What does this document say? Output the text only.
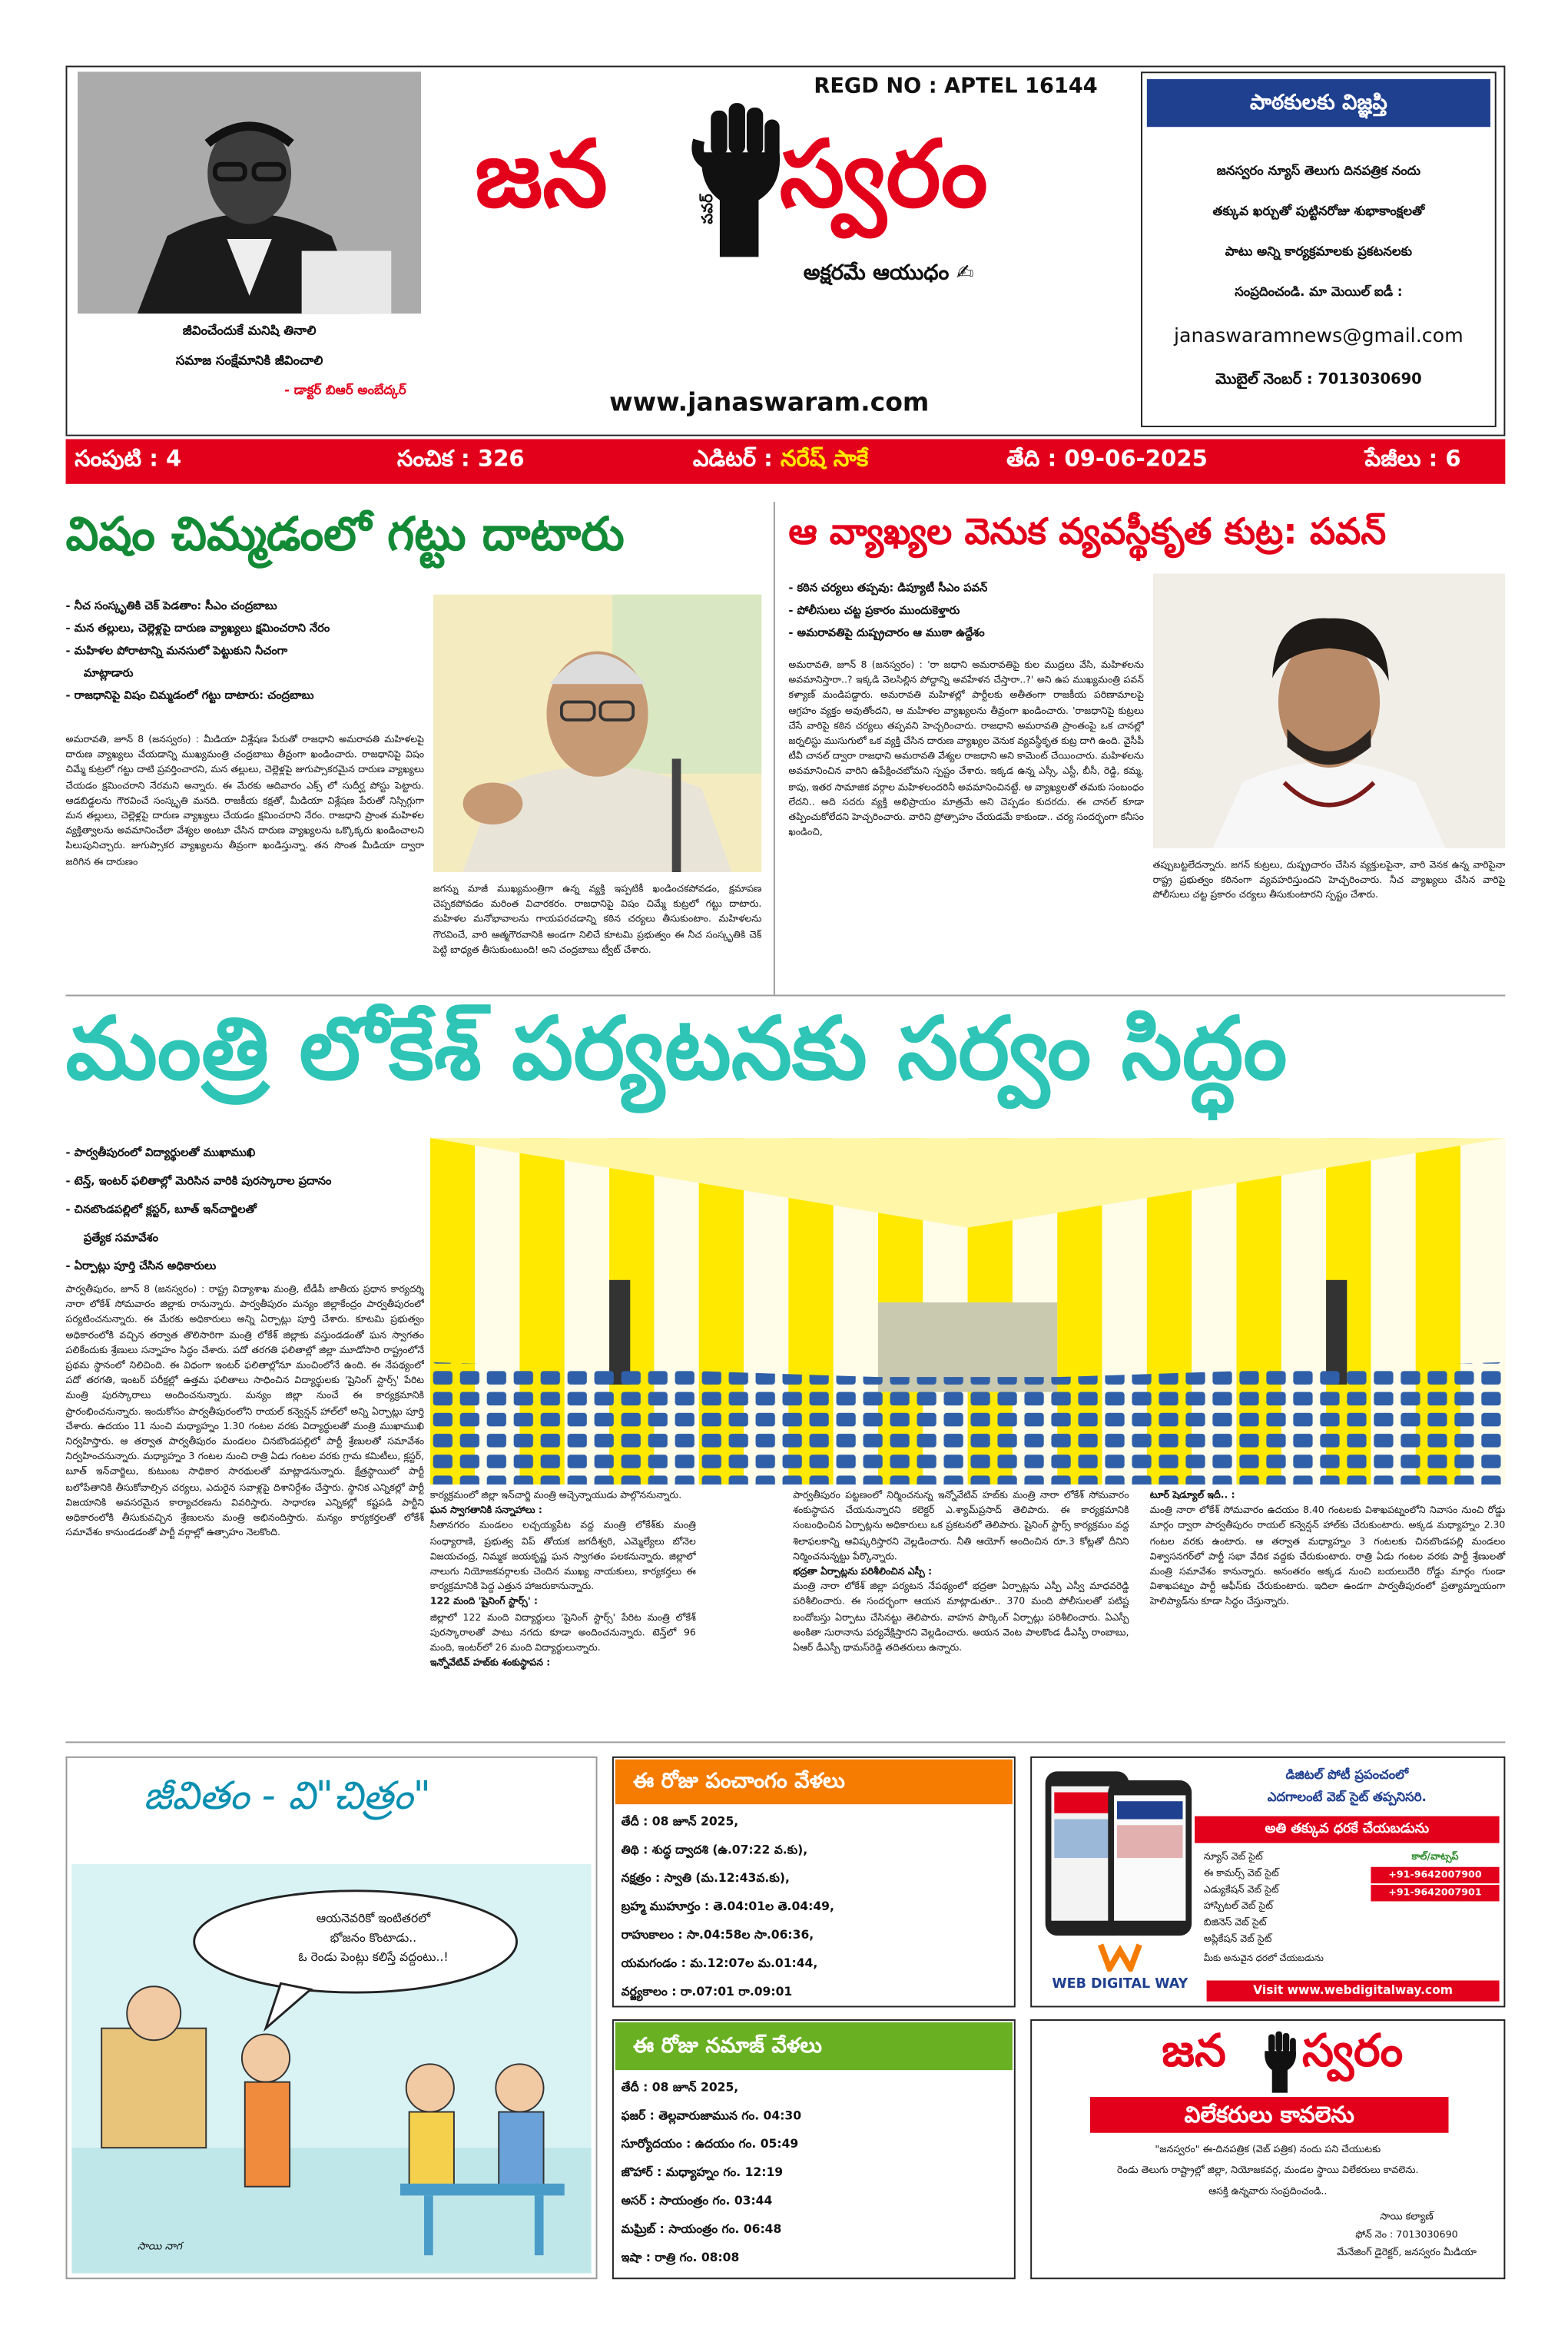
జీవించేందుకే మనిషి తినాలి
సమాజ సంక్షేమానికి జీవించాలి
- డాక్టర్ బిఆర్ అంబేద్కర్
REGD NO : APTEL 16144
జన	పవర్ స్వరం
అక్షరమే ఆయుధం ✍
www.janaswaram.com
పాఠకులకు విజ్ఞప్తి
జనస్వరం న్యూస్ తెలుగు దినపత్రిక నందు
తక్కువ ఖర్చుతో పుట్టినరోజు శుభాకాంక్షలతో
పాటు అన్ని కార్యక్రమాలకు ప్రకటనలకు
సంప్రదించండి. మా మెయిల్ ఐడీ :
janaswaramnews@gmail.com
మొబైల్ నెంబర్ : 7013030690
సంపుటి : 4	సంచిక : 326	ఎడిటర్ : నరేష్ సాకే	తేది : 09-06-2025	పేజీలు : 6
విషం చిమ్మడంలో గట్టు దాటారు
- నీచ సంస్కృతికి చెక్ పెడతాం: సీఎం చంద్రబాబు
- మన తల్లులు, చెల్లెళ్లపై దారుణ వ్యాఖ్యలు క్షమించరాని నేరం
- మహిళల పోరాటాన్ని మనసులో పెట్టుకుని నీచంగా
మాట్లాడారు
- రాజధానిపై విషం చిమ్మడంలో గట్టు దాటారు: చంద్రబాబు
అమరావతి, జూన్ 8 (జనస్వరం) : మీడియా విశ్లేషణ పేరుతో రాజధాని అమరావతి మహిళలపై దారుణ వ్యాఖ్యలు చేయడాన్ని ముఖ్యమంత్రి చంద్రబాబు తీవ్రంగా ఖండించారు. రాజధానిపై విషం చిమ్మే కుట్రలో గట్టు దాటి ప్రవర్తించారని, మన తల్లులు, చెల్లెళ్లపై జుగుప్సాకరమైన దారుణ వ్యాఖ్యలు చేయడం క్షమించరాని నేరమని అన్నారు. ఈ మేరకు ఆదివారం ఎక్స్ లో సుదీర్ఘ పోస్టు పెట్టారు. ఆడబిడ్డలను గౌరవించే సంస్కృతి మనది. రాజకీయ కక్షతో, మీడియా విశ్లేషణ పేరుతో నిస్సిగ్గుగా మన తల్లులు, చెల్లెళ్లపై దారుణ వ్యాఖ్యలు చేయడం క్షమించరాని నేరం. రాజధాని ప్రాంత మహిళల వ్యక్తిత్వాలను అవమానించేలా వేశ్యల అంటూ చేసిన దారుణ వ్యాఖ్యలను ఒక్కొక్కరు ఖండించాలని పిలుపునిచ్చారు. జుగుప్సాకర వ్యాఖ్యలను తీవ్రంగా ఖండిస్తున్నా. తన సొంత మీడియా ద్వారా జరిగిన ఈ దారుణం
జగన్ను మాజీ ముఖ్యమంత్రిగా ఉన్న వ్యక్తి ఇప్పటికీ ఖండించకపోవడం, క్షమాపణ చెప్పకపోవడం మరింత విచారకరం. రాజధానిపై విషం చిమ్మే కుట్రలో గట్టు దాటారు. మహిళల మనోభావాలను గాయపరచడాన్ని కఠిన చర్యలు తీసుకుంటాం. మహిళలను గౌరవించే, వారి ఆత్మగౌరవానికి అండగా నిలిచే కూటమి ప్రభుత్వం ఈ నీచ సంస్కృతికి చెక్ పెట్టి బాధ్యత తీసుకుంటుంది! అని చంద్రబాబు ట్వీట్ చేశారు.
ఆ వ్యాఖ్యల వెనుక వ్యవస్థీకృత కుట్ర: పవన్
- కఠిన చర్యలు తప్పవు: డిప్యూటీ సీఎం పవన్
- పోలీసులు చట్ట ప్రకారం ముందుకెళ్తారు
- అమరావతిపై దుష్ప్రచారం ఆ ముఠా ఉద్దేశం
అమరావతి, జూన్ 8 (జనస్వరం) : 'రా జధాని అమరావతిపై కుల ముద్రలు వేసి, మహిళలను అవమానిస్తారా..? ఇక్కడి వెలసిల్లిన పోద్దాన్ని అవహేళన చేస్తారా..?' అని ఉప ముఖ్యమంత్రి పవన్ కళ్యాణ్ మండిపడ్డారు. అమరావతి మహిళల్లో పార్టీలకు అతీతంగా రాజకీయ పరిణామాలపై ఆగ్రహం వ్యక్తం అవుతోందని, ఆ మహిళల వ్యాఖ్యలను తీవ్రంగా ఖండించారు. 'రాజధానిపై కుట్రలు చేసే వారిపై కఠిన చర్యలు తప్పవని హెచ్చరించారు. రాజధాని అమరావతి ప్రాంతంపై ఒక చానల్లో జర్నలిస్టు ముసుగులో ఒక వ్యక్తి చేసిన దారుణ వ్యాఖ్యల వెనుక వ్యవస్థీకృత కుట్ర దాగి ఉంది. వైసీపీ టీవీ చానల్ ద్వారా రాజధాని అమరావతి వేశ్యల రాజధాని అని కామెంట్ చేయించారు. మహిళలను అవమానించిన వారిని ఉపేక్షించబోమని స్పష్టం చేశారు. ఇక్కడ ఉన్న ఎస్సీ, ఎస్టీ, బీసీ, రెడ్డి, కమ్మ, కాపు, ఇతర సామాజిక వర్గాల మహిళలందరినీ అవమానించినట్టే. ఆ వ్యాఖ్యలతో తమకు సంబంధం లేదని.. అది సదరు వ్యక్తి అభిప్రాయం మాత్రమే అని చెప్పడం కుదరదు. ఈ చానల్ కూడా తప్పించుకోలేదని హెచ్చరించారు. వారిని ప్రోత్సాహం చేయడమే కాకుండా.. చర్య సందర్భంగా కనీసం ఖండించి,
తప్పుబట్టలేదన్నారు. జగన్ కుట్రలు, దుష్ప్రచారం చేసిన వ్యక్తులపైనా, వారి వెనక ఉన్న వారిపైనా రాష్ట్ర ప్రభుత్వం కఠినంగా వ్యవహరిస్తుందని హెచ్చరించారు. నీచ వ్యాఖ్యలు చేసిన వారిపై పోలీసులు చట్ట ప్రకారం చర్యలు తీసుకుంటారని స్పష్టం చేశారు.
మంత్రి లోకేశ్ పర్యటనకు సర్వం సిద్ధం
- పార్వతీపురంలో విద్యార్థులతో ముఖాముఖి
- టెన్త్, ఇంటర్ ఫలితాల్లో మెరిసిన వారికి పురస్కారాల ప్రదానం
- చినబొండపల్లిలో క్లస్టర్, బూత్ ఇన్‌చార్జిలతో
ప్రత్యేక సమావేశం
- ఏర్పాట్లు పూర్తి చేసిన అధికారులు
పార్వతీపురం, జూన్ 8 (జనస్వరం) : రాష్ట్ర విద్యాశాఖ మంత్రి, టీడీపీ జాతీయ ప్రధాన కార్యదర్శి నారా లోకేశ్ సోమవారం జిల్లాకు రానున్నారు. పార్వతీపురం మన్యం జిల్లాకేంద్రం పార్వతీపురంలో పర్యటించనున్నారు. ఈ మేరకు అధికారులు అన్ని ఏర్పాట్లు పూర్తి చేశారు. కూటమి ప్రభుత్వం అధికారంలోకి వచ్చిన తర్వాత తొలిసారిగా మంత్రి లోకేశ్ జిల్లాకు వస్తుండడంతో ఘన స్వాగతం పలికేందుకు శ్రేణులు సన్నాహం సిద్ధం చేశారు. పదో తరగతి ఫలితాల్లో జిల్లా మూడోసారి రాష్ట్రంలోనే ప్రథమ స్థానంలో నిలిచింది. ఈ విధంగా ఇంటర్ ఫలితాల్లోనూ మంచింలోనే ఉంది. ఈ నేపథ్యంలో పదో తరగతి, ఇంటర్ పరీక్షల్లో ఉత్తమ ఫలితాలు సాధించిన విద్యార్థులకు 'షైనింగ్ స్టార్స్' పేరిట మంత్రి పురస్కారాలు అందించనున్నారు. మన్యం జిల్లా నుంచే ఈ కార్యక్రమానికి ప్రారంభించనున్నారు. ఇందుకోసం పార్వతీపురంలోని రాయల్ కన్వెన్షన్ హాల్‌లో అన్ని ఏర్పాట్లు పూర్తి చేశారు. ఉదయం 11 నుంచి మధ్యాహ్నం 1.30 గంటల వరకు విద్యార్థులతో మంత్రి ముఖాముఖి నిర్వహిస్తారు. ఆ తర్వాత పార్వతీపురం మండలం చినబొండపల్లిలో పార్టీ శ్రేణులతో సమావేశం నిర్వహించనున్నారు. మధ్యాహ్నం 3 గంటల నుంచి రాత్రి ఏడు గంటల వరకు గ్రామ కమిటీలు, క్లస్టర్, బూత్ ఇన్‌చార్జిలు, కుటుంబ సాధికార సారథులతో మాట్లాడనున్నారు. క్షేత్రస్థాయిలో పార్టీ బలోపేతానికి తీసుకోవాల్సిన చర్యలు, ఎదురైన సవాళ్లపై దిశానిర్దేశం చేస్తారు. స్థానిక ఎన్నికల్లో పార్టీ విజయానికి అవసరమైన కార్యాచరణను వివరిస్తారు. సాధారణ ఎన్నికల్లో కష్టపడి పార్టీని అధికారంలోకి తీసుకువచ్చిన శ్రేణులను మంత్రి అభినందిస్తారు. మన్యం కార్యకర్తలతో లోకేశ్ సమావేశం కానుండడంతో పార్టీ వర్గాల్లో ఉత్సాహం నెలకొంది.
కార్యక్రమంలో జిల్లా ఇన్‌చార్జి మంత్రి అచ్చెన్నాయుడు పాల్గొననున్నారు.
ఘన స్వాగతానికి సన్నాహాలు :
సీతానగరం మండలం లచ్చయ్యపేట వద్ద మంత్రి లోకేశ్‌కు మంత్రి సంధ్యారాణి, ప్రభుత్వ విప్ తోయక జగదీశ్వరి, ఎమ్మెల్యేలు బోనెల విజయచంద్ర, నిమ్మక జయకృష్ణ ఘన స్వాగతం పలకనున్నారు. జిల్లాలో నాలుగు నియోజకవర్గాలకు చెందిన ముఖ్య నాయకులు, కార్యకర్తలు ఈ కార్యక్రమానికి పెద్ద ఎత్తున హాజరుకానున్నారు.
122 మంది 'షైనింగ్ స్టార్స్' :
జిల్లాలో 122 మంది విద్యార్థులు 'షైనింగ్ స్టార్స్' పేరిట మంత్రి లోకేశ్ పురస్కారాలతో పాటు నగదు కూడా అందించనున్నారు. టెన్త్‌లో 96 మంది, ఇంటర్‌లో 26 మంది విద్యార్థులున్నారు.
ఇన్నోవేటివ్ హబ్‌కు శంకుస్థాపన :
పార్వతీపురం పట్టణంలో నిర్మించనున్న ఇన్నోవేటివ్ హబ్‌కు మంత్రి నారా లోకేశ్ సోమవారం శంకుస్థాపన చేయనున్నారని కలెక్టర్ ఎ.శ్యామ్‌ప్రసాద్ తెలిపారు. ఈ కార్యక్రమానికి సంబంధించిన ఏర్పాట్లను అధికారులు ఒక ప్రకటనలో తెలిపారు. షైనింగ్ స్టార్స్ కార్యక్రమం వద్ద శిలాఫలకాన్ని ఆవిష్కరిస్తారని వెల్లడించారు. నీతి ఆయోగ్ అందించిన రూ.3 కోట్లతో దీనిని నిర్మించనున్నట్టు పేర్కొన్నారు.
భద్రతా ఏర్పాట్లను పరిశీలించిన ఎస్పీ :
మంత్రి నారా లోకేశ్ జిల్లా పర్యటన నేపథ్యంలో భద్రతా ఏర్పాట్లను ఎస్పీ ఎస్వీ మాధవరెడ్డి పరిశీలించారు. ఈ సందర్భంగా ఆయన మాట్లాడుతూ.. 370 మంది పోలీసులతో పటిష్ట బందోబస్తు ఏర్పాటు చేసినట్టు తెలిపారు. వాహన పార్కింగ్ ఏర్పాట్లు పరిశీలించారు. ఏఎస్పీ అంకితా సురానాను పర్యవేక్షిస్తారని వెల్లడించారు. ఆయన వెంట పాలకొండ డీఎస్పీ రాంబాబు, ఏఆర్ డీఎస్పీ థామస్‌రెడ్డి తదితరులు ఉన్నారు.
టూర్ షెడ్యూల్ ఇదీ.. :
మంత్రి నారా లోకేశ్ సోమవారం ఉదయం 8.40 గంటలకు విశాఖపట్నంలోని నివాసం నుంచి రోడ్డు మార్గం ద్వారా పార్వతీపురం రాయల్ కన్వెన్షన్ హాల్‌కు చేరుకుంటారు. అక్కడ మధ్యాహ్నం 2.30 గంటల వరకు ఉంటారు. ఆ తర్వాత మధ్యాహ్నం 3 గంటలకు చినబొండపల్లి మండలం విశ్వాసనగర్‌లో పార్టీ సభా వేదిక వద్దకు చేరుకుంటారు. రాత్రి ఏడు గంటల వరకు పార్టీ శ్రేణులతో మంత్రి సమావేశం కానున్నారు. అనంతరం అక్కడ నుంచి బయలుదేరి రోడ్డు మార్గం గుండా విశాఖపట్నం పార్టీ ఆఫీస్‌కు చేరుకుంటారు. ఇదిలా ఉండగా పార్వతీపురంలో ప్రత్యామ్నాయంగా హెలిప్యాడ్‌ను కూడా సిద్ధం చేస్తున్నారు.
జీవితం - వి"చిత్రం"
ఆయనెవరికో ఇంటితరలో
భోజనం కొంటాడు..
ఓ రెండు పెంట్లు కలిస్తే వద్దంటు..!
సాయి నాగ
ఈ రోజు పంచాంగం వేళలు
తేదీ : 08 జూన్ 2025,
తిథి : శుద్ధ ద్వాదశి (ఉ.07:22 వ.కు),
నక్షత్రం : స్వాతి (మ.12:43వ.కు),
బ్రహ్మ ముహూర్తం : తె.04:01ల తె.04:49,
రాహుకాలం : సా.04:58ల సా.06:36,
యమగండం : మ.12:07ల మ.01:44,
వర్జ్యకాలం : రా.07:01 రా.09:01
ఈ రోజు నమాజ్ వేళలు
తేదీ : 08 జూన్ 2025,
ఫజర్ : తెల్లవారుజామున గం. 04:30
సూర్యోదయం : ఉదయం గం. 05:49
జొహార్ : మధ్యాహ్నం గం. 12:19
అసర్ : సాయంత్రం గం. 03:44
మఘ్రిబ్ : సాయంత్రం గం. 06:48
ఇషా : రాత్రి గం. 08:08
డిజిటల్ పోటీ ప్రపంచంలో
ఎదగాలంటే వెబ్ సైట్ తప్పనిసరి.
అతి తక్కువ ధరకే చేయబడును
న్యూస్ వెబ్ సైట్
ఈ కామర్స్ వెబ్ సైట్
ఎడ్యుకేషన్ వెబ్ సైట్
హాస్పిటల్ వెబ్ సైట్
బిజినెస్ వెబ్ సైట్
అప్లికేషన్ వెబ్ సైట్
కాల్/వాట్సప్
+91-9642007900
+91-9642007901
మీకు అనువైన ధరలో చేయబడును
WEB DIGITAL WAY	Visit www.webdigitalway.com
జన	స్వరం
విలేకరులు కావలెను
"జనస్వరం" ఈ-దినపత్రిక (వెబ్ పత్రిక) నందు పని చేయుటకు
రెండు తెలుగు రాష్ట్రాల్లో జిల్లా, నియోజకవర్గ, మండల స్థాయి విలేకరులు కావలెను.
ఆసక్తి ఉన్నవారు సంప్రదించండి..
సాయి కల్యాణ్
ఫోన్ నెం : 7013030690
మేనేజింగ్ డైరెక్టర్, జనస్వరం మీడియా
